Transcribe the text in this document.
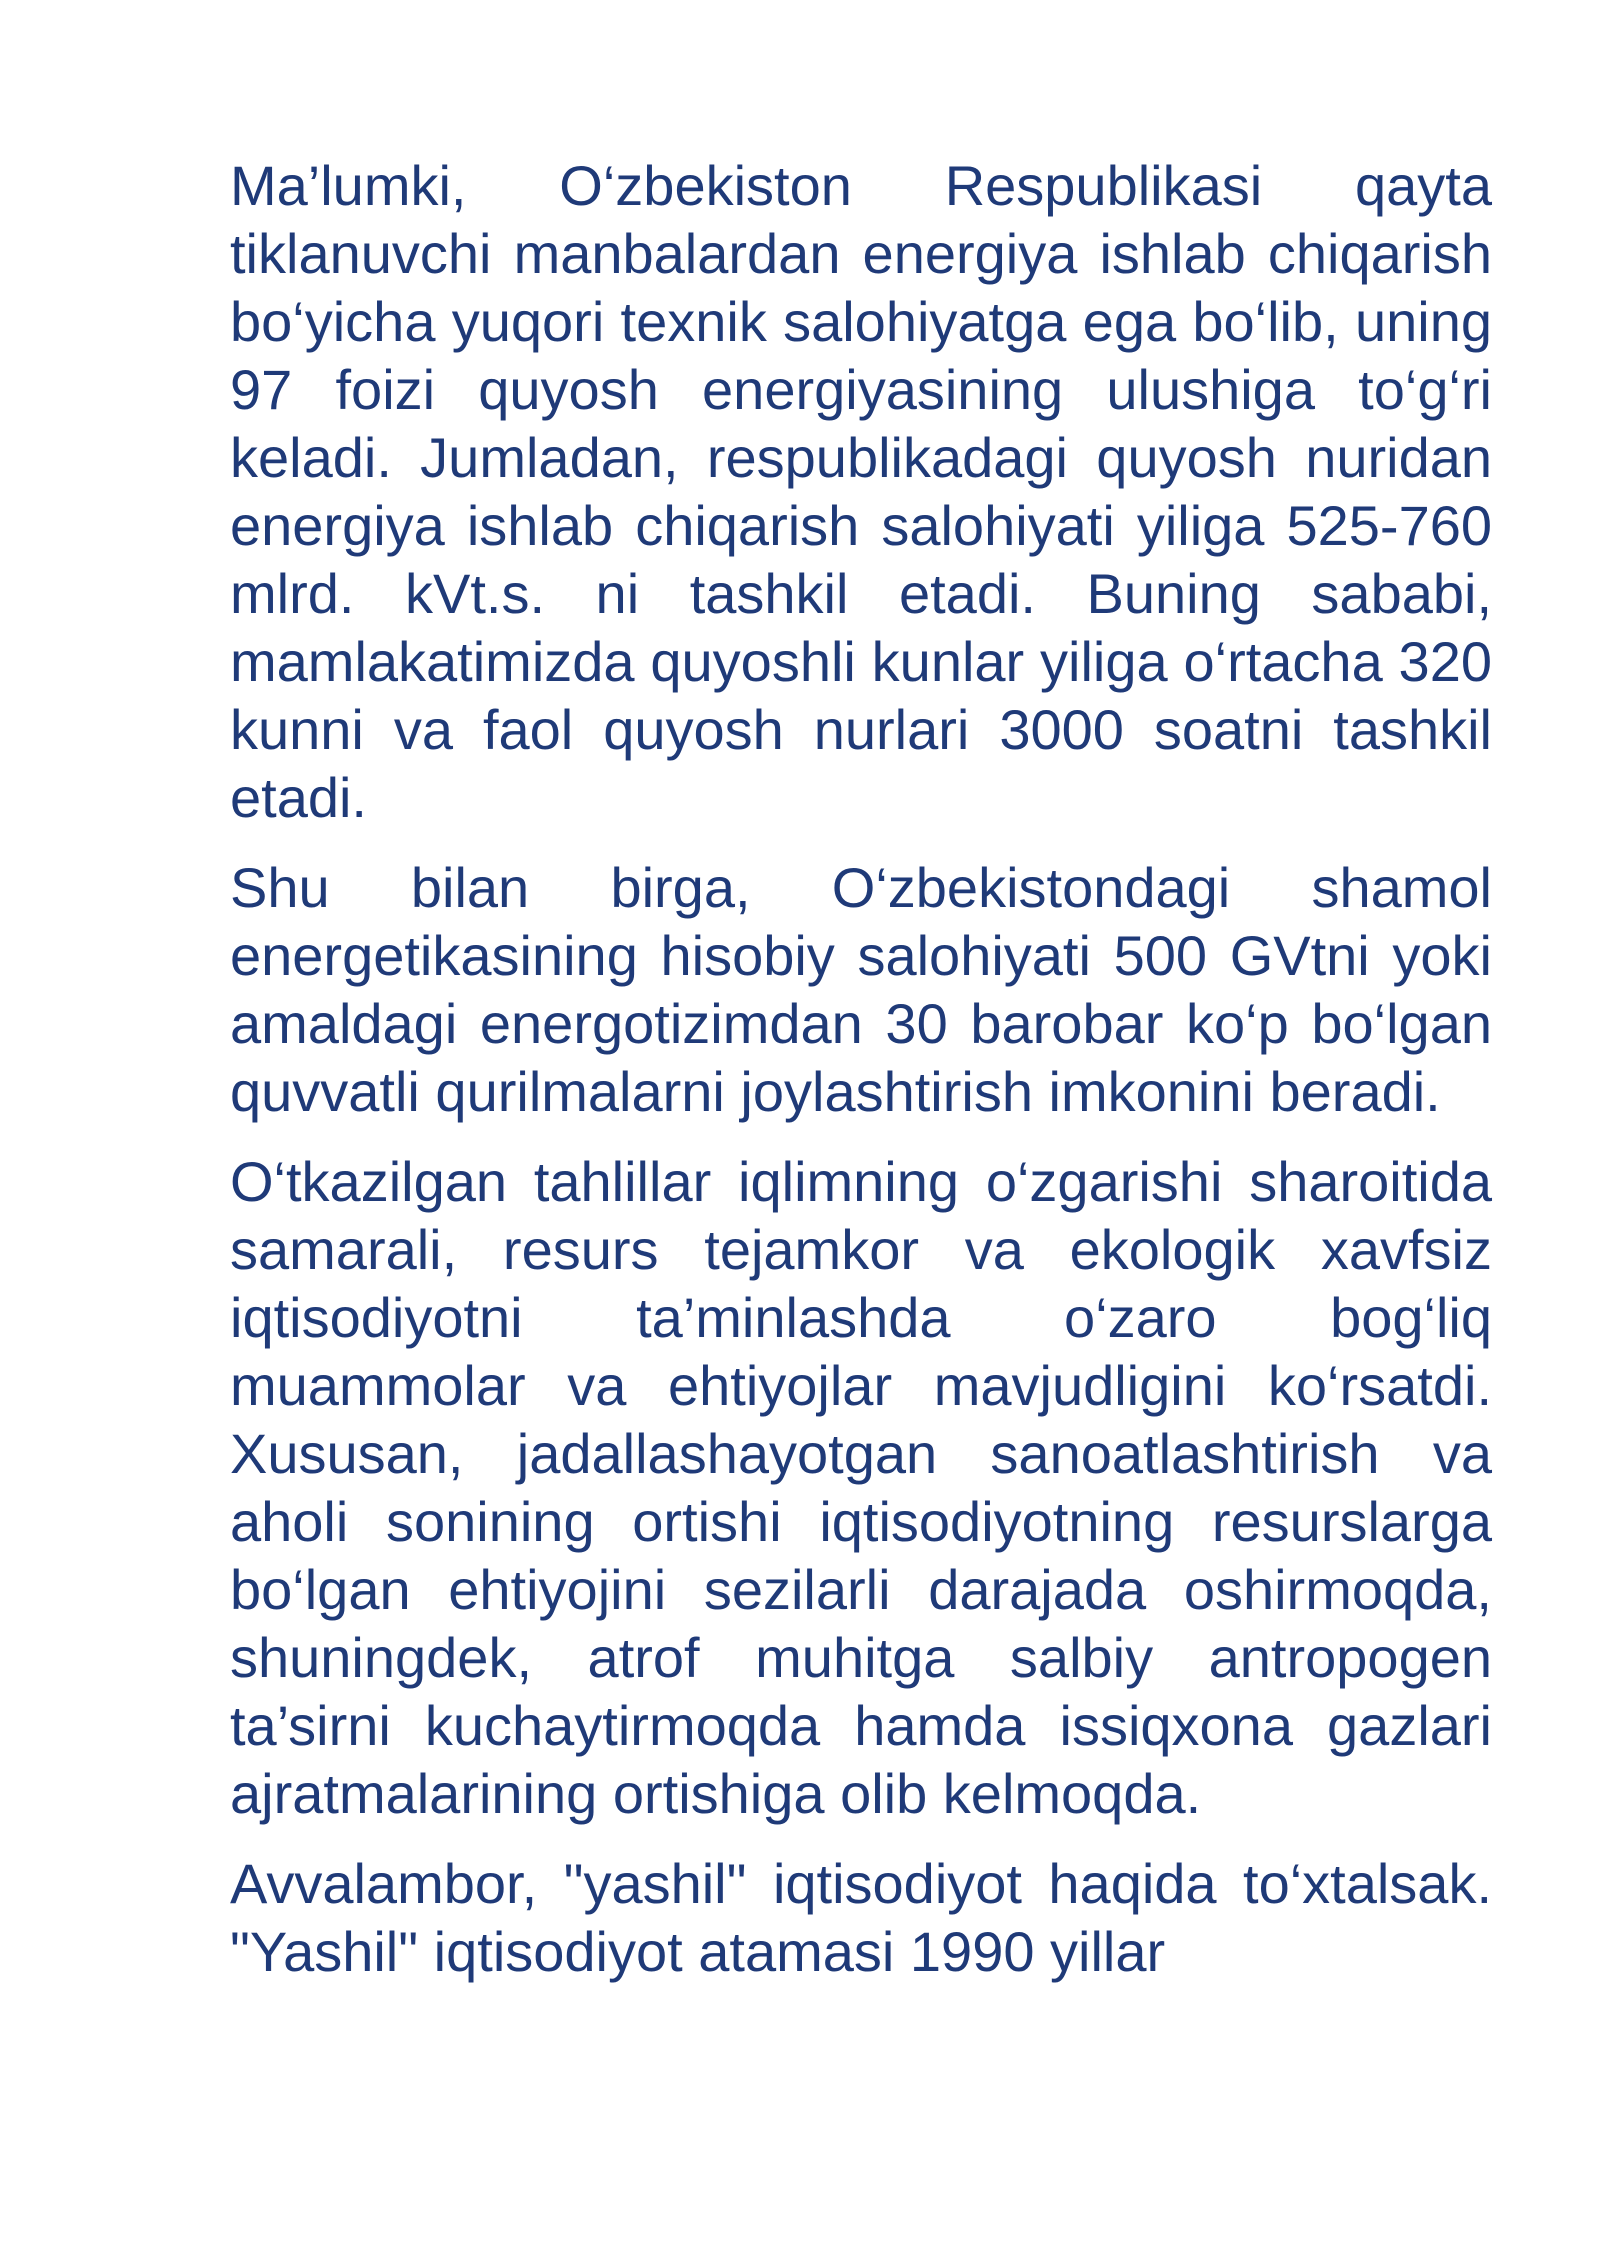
Ma’lumki, O‘zbekiston Respublikasi qayta tiklanuvchi manbalardan energiya ishlab chiqarish bo‘yicha yuqori texnik salohiyatga ega bo‘lib, uning 97 foizi quyosh energiyasining ulushiga to‘g‘ri keladi. Jumladan, respublikadagi quyosh nuridan energiya ishlab chiqarish salohiyati yiliga 525-760 mlrd. kVt.s. ni tashkil etadi. Buning sababi, mamlakatimizda quyoshli kunlar yiliga o‘rtacha 320 kunni va faol quyosh nurlari 3000 soatni tashkil etadi.

Shu bilan birga, O‘zbekistondagi shamol energetikasining hisobiy salohiyati 500 GVtni yoki amaldagi energotizimdan 30 barobar ko‘p bo‘lgan quvvatli qurilmalarni joylashtirish imkonini beradi.

O‘tkazilgan tahlillar iqlimning o‘zgarishi sharoitida samarali, resurs tejamkor va ekologik xavfsiz iqtisodiyotni ta’minlashda o‘zaro bog‘liq muammolar va ehtiyojlar mavjudligini ko‘rsatdi. Xususan, jadallashayotgan sanoatlashtirish va aholi sonining ortishi iqtisodiyotning resurslarga bo‘lgan ehtiyojini sezilarli darajada oshirmoqda, shuningdek, atrof muhitga salbiy antropogen ta’sirni kuchaytirmoqda hamda issiqxona gazlari ajratmalarining ortishiga olib kelmoqda.

Avvalambor, "yashil" iqtisodiyot haqida to‘xtalsak. "Yashil" iqtisodiyot atamasi 1990 yillar
